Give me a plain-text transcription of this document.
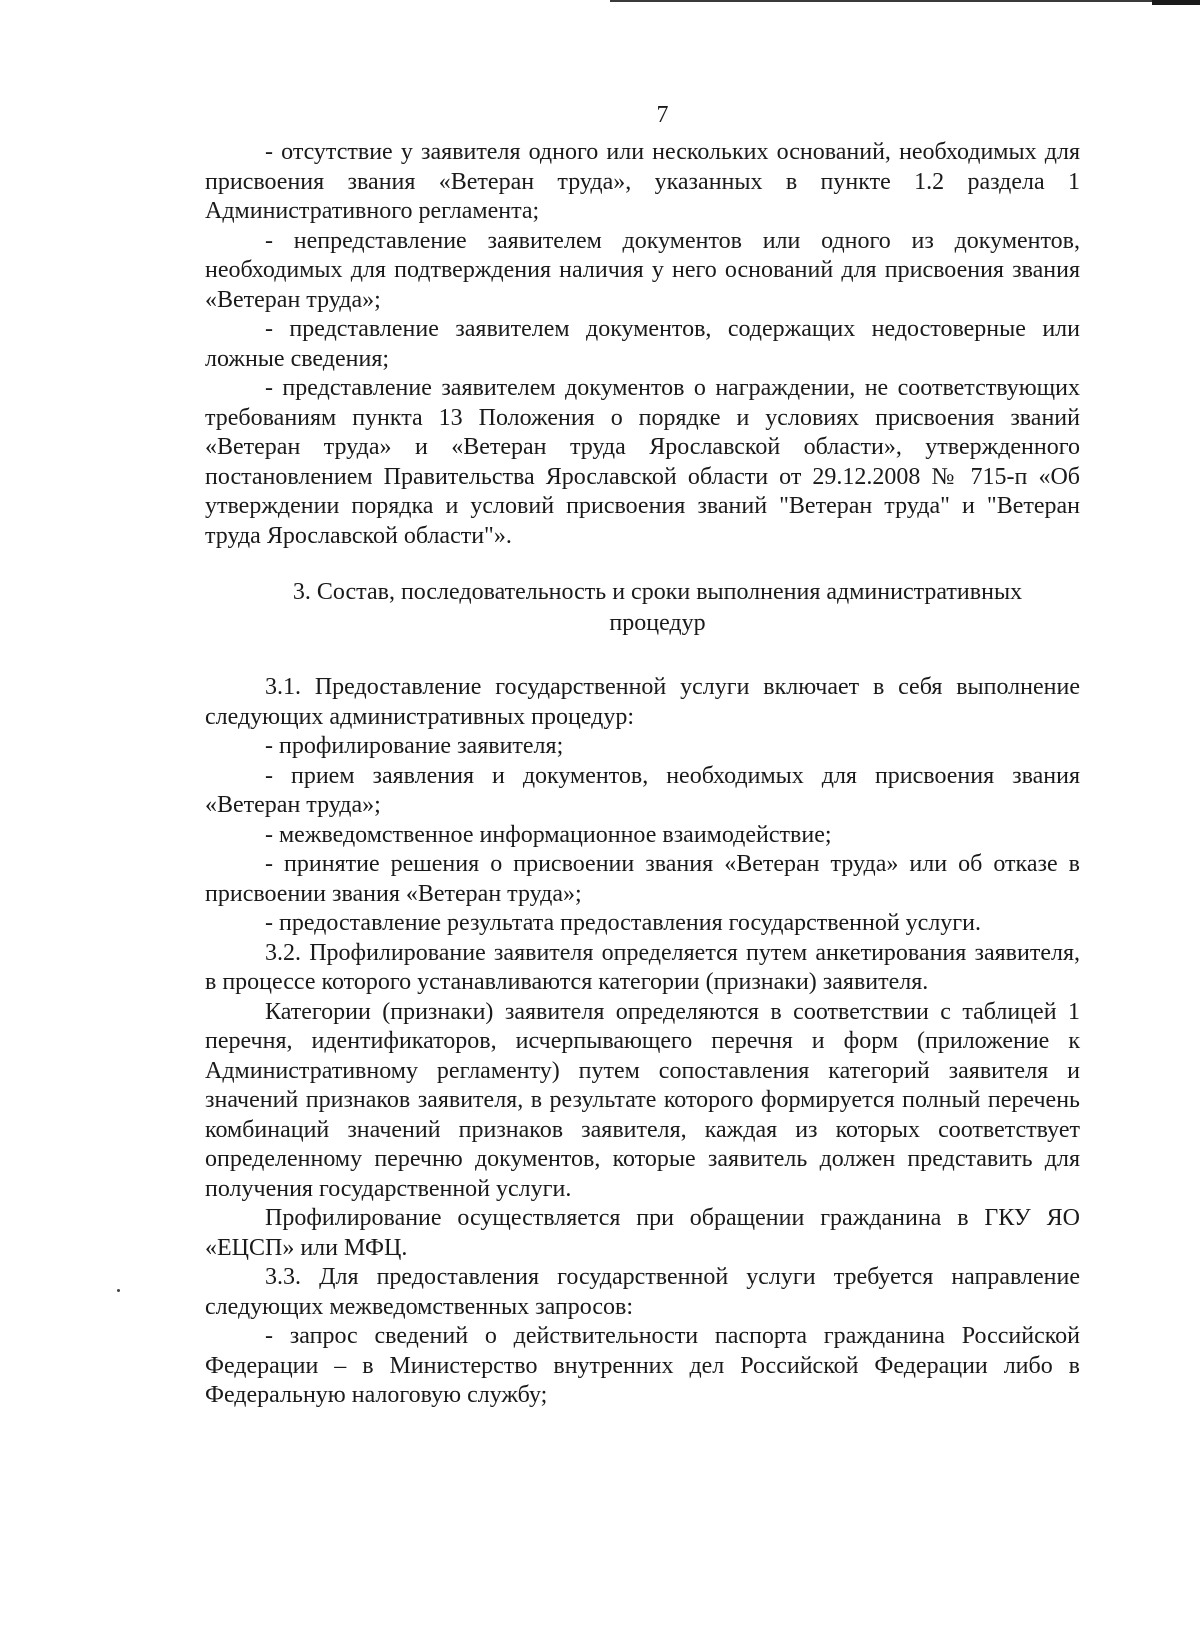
7

- отсутствие у заявителя одного или нескольких оснований, необходимых для присвоения звания «Ветеран труда», указанных в пункте 1.2 раздела 1 Административного регламента;

- непредставление заявителем документов или одного из документов, необходимых для подтверждения наличия у него оснований для присвоения звания «Ветеран труда»;

- представление заявителем документов, содержащих недостоверные или ложные сведения;

- представление заявителем документов о награждении, не соответствующих требованиям пункта 13 Положения о порядке и условиях присвоения званий «Ветеран труда» и «Ветеран труда Ярославской области», утвержденного постановлением Правительства Ярославской области от 29.12.2008 № 715-п «Об утверждении порядка и условий присвоения званий "Ветеран труда" и "Ветеран труда Ярославской области"».

3. Состав, последовательность и сроки выполнения административных процедур

3.1. Предоставление государственной услуги включает в себя выполнение следующих административных процедур:

- профилирование заявителя;

- прием заявления и документов, необходимых для присвоения звания «Ветеран труда»;

- межведомственное информационное взаимодействие;

- принятие решения о присвоении звания «Ветеран труда» или об отказе в присвоении звания «Ветеран труда»;

- предоставление результата предоставления государственной услуги.

3.2. Профилирование заявителя определяется путем анкетирования заявителя, в процессе которого устанавливаются категории (признаки) заявителя.

Категории (признаки) заявителя определяются в соответствии с таблицей 1 перечня, идентификаторов, исчерпывающего перечня и форм (приложение к Административному регламенту) путем сопоставления категорий заявителя и значений признаков заявителя, в результате которого формируется полный перечень комбинаций значений признаков заявителя, каждая из которых соответствует определенному перечню документов, которые заявитель должен представить для получения государственной услуги.

Профилирование осуществляется при обращении гражданина в ГКУ ЯО «ЕЦСП» или МФЦ.

3.3. Для предоставления государственной услуги требуется направление следующих межведомственных запросов:

- запрос сведений о действительности паспорта гражданина Российской Федерации – в Министерство внутренних дел Российской Федерации либо в Федеральную налоговую службу;
